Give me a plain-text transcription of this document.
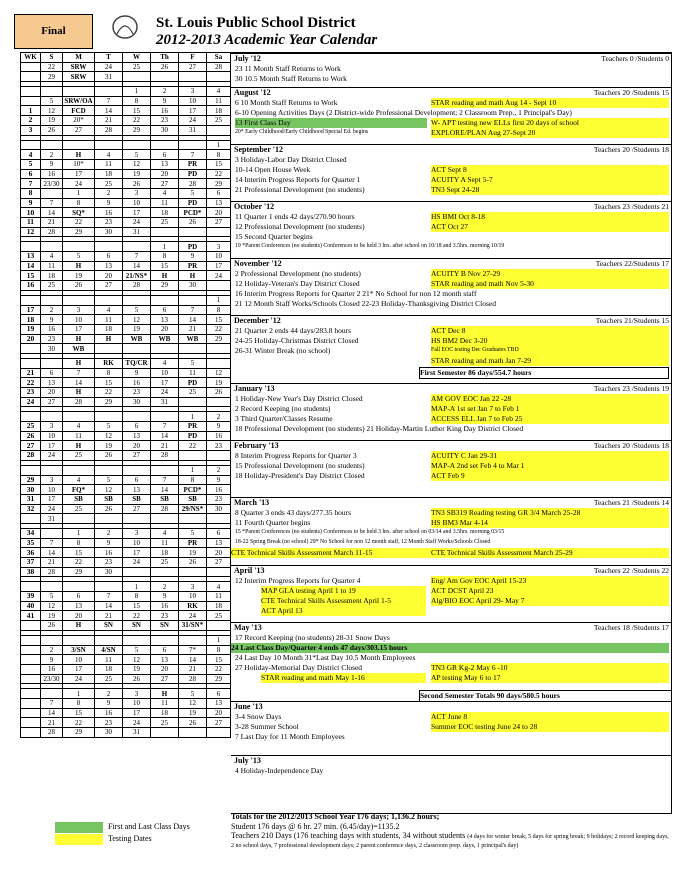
Final	St. Louis Public School District
2012-2013 Academic Year Calendar
WK	S	M	T	W	Th	F	Sa
	22	SRW	24	25	26	27	28
	29	SRW	31				

				1	2	3	4
	5	SRW/OA	7	8	9	10	11
1	12	FCD	14	15	16	17	18
2	19	20*	21	22	23	24	25
3	26	27	28	29	30	31	

							1
4	2	H	4	5	6	7	8
5	9	10*	11	12	13	PR	15
6	16	17	18	19	20	PD	22
7	23/30	24	25	26	27	28	29
8		1	2	3	4	5	6
9	7	8	9	10	11	PD	13
10	14	SQ*	16	17	18	PCD*	20
11	21	22	23	24	25	26	27
12	28	29	30	31			

					1	PD	3
13	4	5	6	7	8	9	10
14	11	H	13	14	15	PR	17
15	18	19	20	21/NS*	H	H	24
16	25	26	27	28	29	30	

							1
17	2	3	4	5	6	7	8
18	9	10	11	12	13	14	15
19	16	17	18	19	20	21	22
20	23	H	H	WB	WB	WB	29
	30	WB					

		H	RK	TQ/CR	4	5	
21	6	7	8	9	10	11	12
22	13	14	15	16	17	PD	19
23	20	H	22	23	24	25	26
24	27	28	29	30	31		

						1	2
25	3	4	5	6	7	PR	9
26	10	11	12	13	14	PD	16
27	17	H	19	20	21	22	23
28	24	25	26	27	28		

						1	2
29	3	4	5	6	7	8	9
30	10	FQ*	12	13	14	PCD*	16
31	17	SB	SB	SB	SB	SB	23
32	24	25	26	27	28	29/NS*	30
	31						

34		1	2	3	4	5	6
35	7	8	9	10	11	PR	13
36	14	15	16	17	18	19	20
37	21	22	23	24	25	26	27
38	28	29	30				

				1	2	3	4
39	5	6	7	8	9	10	11
40	12	13	14	15	16	RK	18
41	19	20	21	22	23	24	25
	26	H	SN	SN	SN	31/SN*	

							1
	2	3/SN	4/SN	5	6	7*	8
	9	10	11	12	13	14	15
	16	17	18	19	20	21	22
	23/30	24	25	26	27	28	29

		1	2	3	H	5	6
	7	8	9	10	11	12	13
	14	15	16	17	18	19	20
	21	22	23	24	25	26	27
	28	29	30	31			
July '12	Teachers 0 /Students 0
23 11 Month Staff Returns to Work
30 10.5 Month Staff Returns to Work
August '12	Teachers 20 /Students 15
6 10 Month Staff Returns to Work	STAR reading and math Aug 14 - Sept 10
6-10 Opening Activities Days (2 District-wide Professional Development; 2 Classroom Prep., 1 Principal's Day)
13 First Class Day	W- APT testing new ELLs first 20 days of school
20* Early Childhood/Early Childhood Special Ed. begins	EXPLORE/PLAN Aug 27-Sept 20
September '12	Teachers 20 /Students 18
3 Holiday-Labor Day District Closed
10-14 Open House Week	ACT Sept 8
14 Interim Progress Reports for Quarter 1	ACUITY A Sept 5-7
21 Professional Development (no students)	TN3 Sept 24-28
October '12	Teachers 23 /Students 21
11 Quarter 1 ends 42 days/270.90 hours	HS BMI Oct 8-18
12 Professional Development (no students)	ACT Oct 27
15 Second Quarter begins
19 *Parent Conferences (no students) Conferences to be held 3 hrs. after school on 10/18 and 3.5hrs. morning 10/19
November '12	Teachers 22/Students 17
2 Professional Development (no students)	ACUITY B Nov 27-29
12 Holiday-Veteran's Day District Closed	STAR reading and math Nov 5-30
16 Interim Progress Reports for Quarter 2 21* No School for non 12 month staff
21 12 Month Staff Works/Schools Closed 22-23 Holiday-Thanksgiving District Closed
December '12	Teachers 21/Students 15
21 Quarter 2 ends 44 days/283.8 hours	ACT Dec 8
24-25 Holiday-Christmas District Closed	HS BM2 Dec 3-20
26-31 Winter Break (no school)	Fall EOC testing Dec Graduates TBD
STAR reading and math Jan 7-29
First Semester 86 days/554.7 hours
January '13	Teachers 23 /Students 19
1 Holiday-New Year's Day District Closed	AM GOV EOC Jan 22 -28
2 Record Keeping (no students)	MAP-A 1st set Jan 7 to Feb 1
3 Third Quarter/Classes Resume	ACCESS ELL Jan 7 to Feb 25
18 Professional Development (no students) 21 Holiday-Martin Luther King Day District Closed
February '13	Teachers 20 /Students 18
8 Interim Progress Reports for Quarter 3	ACUITY C Jan 29-31
15 Professional Development (no students)	MAP-A 2nd set Feb 4 to Mar 1
18 Holiday-President's Day District Closed	ACT Feb 9
March '13	Teachers 21 /Students 14
8 Quarter 3 ends 43 days/277.35 hours	TN3 SB319 Reading testing GR 3/4 March 25-28
11 Fourth Quarter begins	HS BM3 Mar 4-14
15 *Parent Conferences (no students) Conferences to be held 3 hrs. after school on 03/14 and 3.5hrs. morning 03/15
18-22 Spring Break (no school) 29* No School for non 12 month staff, 12 Month Staff Works/Schools Closed
CTE Technical Skills Assessment March 11-15	CTE Technical Skills Assessment March 25-29
April '13	Teachers 22 /Students 22
12 Interim Progress Reports for Quarter 4	Eng/ Am Gov EOC April 15-23
MAP GLA testing April 1 to 19	ACT DCST April 23
CTE Technical Skills Assessment April 1-5	Alg/BIO EOC April 29- May 7
ACT April 13
May '13	Teachers 18 /Students 17
17 Record Keeping (no students) 28-31 Snow Days
24 Last Class Day/Quarter 4 ends 47 days/303.15 hours
24 Last Day 10 Month 31*Last Day 10.5 Month Employees
27 Holiday-Memorial Day District Closed	TN3 GR Kg-2 May 6 -10
STAR reading and math May 1-16	AP testing May 6 to 17
June '13
3-4 Snow Days	ACT June 8
3-28 Summer School	Summer EOC testing June 24 to 28
7 Last Day for 11 Month Employees
July '13
4 Holiday-Independence Day
Second Semester Totals 90 days/580.5 hours
First and Last Class Days
Testing Dates
Totals for the 2012/2013 School Year 176 days; 1,136.2 hours;
Student 176 days @ 6 hr. 27 min. (6.45/day)=1135.2
Teachers 210 Days (176 teaching days with students, 34 without students (4 days for winter break; 5 days for spring break; 9 holidays; 2 record keeping days, 2 no school days, 7 professional development days; 2 parent conference days, 2 classroom prep. days, 1 principal's day)
